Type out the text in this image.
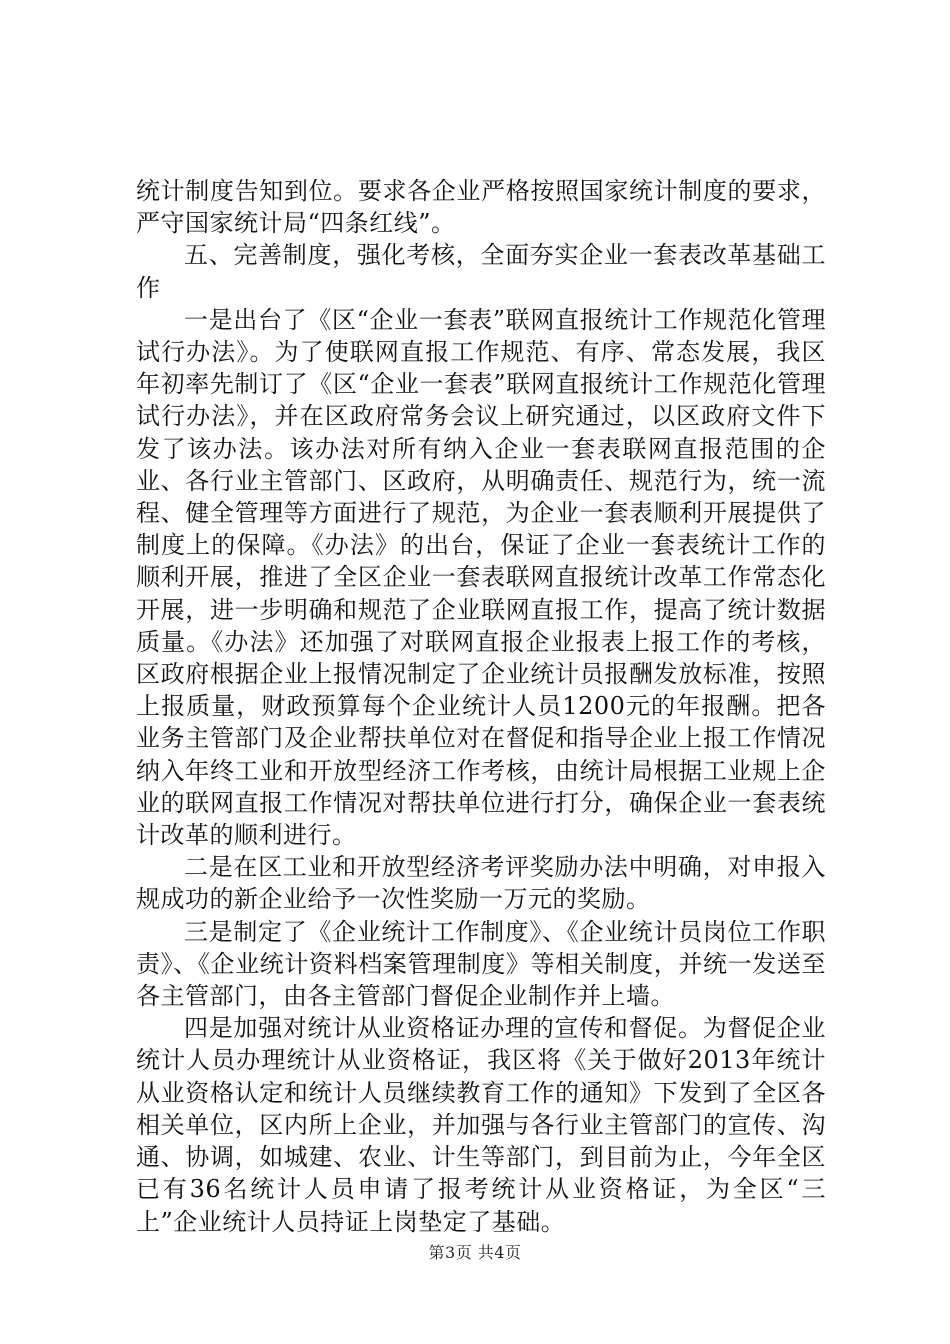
统计制度告知到位。要求各企业严格按照国家统计制度的要求，严守国家统计局“四条红线”。

五、完善制度，强化考核，全面夯实企业一套表改革基础工作

一是出台了《区“企业一套表”联网直报统计工作规范化管理试行办法》。为了使联网直报工作规范、有序、常态发展，我区年初率先制订了《区“企业一套表”联网直报统计工作规范化管理试行办法》，并在区政府常务会议上研究通过，以区政府文件下发了该办法。该办法对所有纳入企业一套表联网直报范围的企业、各行业主管部门、区政府，从明确责任、规范行为，统一流程、健全管理等方面进行了规范，为企业一套表顺利开展提供了制度上的保障。《办法》的出台，保证了企业一套表统计工作的顺利开展，推进了全区企业一套表联网直报统计改革工作常态化开展，进一步明确和规范了企业联网直报工作，提高了统计数据质量。《办法》还加强了对联网直报企业报表上报工作的考核，区政府根据企业上报情况制定了企业统计员报酬发放标准，按照上报质量，财政预算每个企业统计人员1200元的年报酬。把各业务主管部门及企业帮扶单位对在督促和指导企业上报工作情况纳入年终工业和开放型经济工作考核，由统计局根据工业规上企业的联网直报工作情况对帮扶单位进行打分，确保企业一套表统计改革的顺利进行。

二是在区工业和开放型经济考评奖励办法中明确，对申报入规成功的新企业给予一次性奖励一万元的奖励。

三是制定了《企业统计工作制度》、《企业统计员岗位工作职责》、《企业统计资料档案管理制度》等相关制度，并统一发送至各主管部门，由各主管部门督促企业制作并上墙。

四是加强对统计从业资格证办理的宣传和督促。为督促企业统计人员办理统计从业资格证，我区将《关于做好2013年统计从业资格认定和统计人员继续教育工作的通知》下发到了全区各相关单位，区内所上企业，并加强与各行业主管部门的宣传、沟通、协调，如城建、农业、计生等部门，到目前为止，今年全区已有36名统计人员申请了报考统计从业资格证，为全区“三上”企业统计人员持证上岗垫定了基础。

第3页 共4页
